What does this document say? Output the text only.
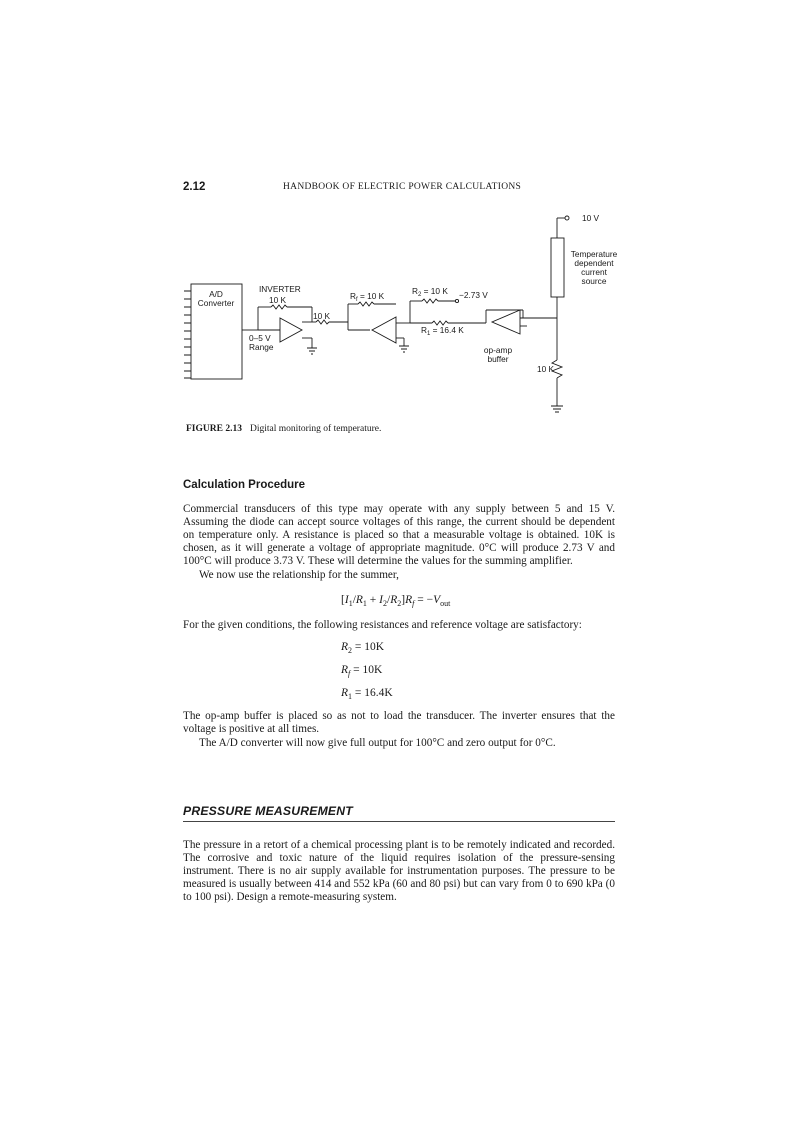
2.12	HANDBOOK OF ELECTRIC POWER CALCULATIONS
10 V
Temperature
dependent
current
source
A/D
Converter
INVERTER
10 K
10 K
0–5 V
Range
$R_f = 10$ K	$R_2 = 10$ K −2.73 V
$R_1 = 16.4$ K
op-amp
buffer
10 K
FIGURE 2.13 Digital monitoring of temperature.
Calculation Procedure

Commercial transducers of this type may operate with any supply between 5 and 15 V. Assuming the diode can accept source voltages of this range, the current should be dependent on temperature only. A resistance is placed so that a measurable voltage is obtained. 10K is chosen, as it will generate a voltage of appropriate magnitude. 0°C will produce 2.73 V and 100°C will produce 3.73 V. These will determine the values for the summing amplifier.

We now use the relationship for the summer,

$[I_1/R_1 + I_2/R_2]R_f = -V_{out}$

For the given conditions, the following resistances and reference voltage are satisfactory:

$R_2 = 10K$
$R_f = 10K$
$R_1 = 16.4K$

The op-amp buffer is placed so as not to load the transducer. The inverter ensures that the voltage is positive at all times.

The A/D converter will now give full output for 100°C and zero output for 0°C.

PRESSURE MEASUREMENT

The pressure in a retort of a chemical processing plant is to be remotely indicated and recorded. The corrosive and toxic nature of the liquid requires isolation of the pressure-sensing instrument. There is no air supply available for instrumentation purposes. The pressure to be measured is usually between 414 and 552 kPa (60 and 80 psi) but can vary from 0 to 690 kPa (0 to 100 psi). Design a remote-measuring system.
